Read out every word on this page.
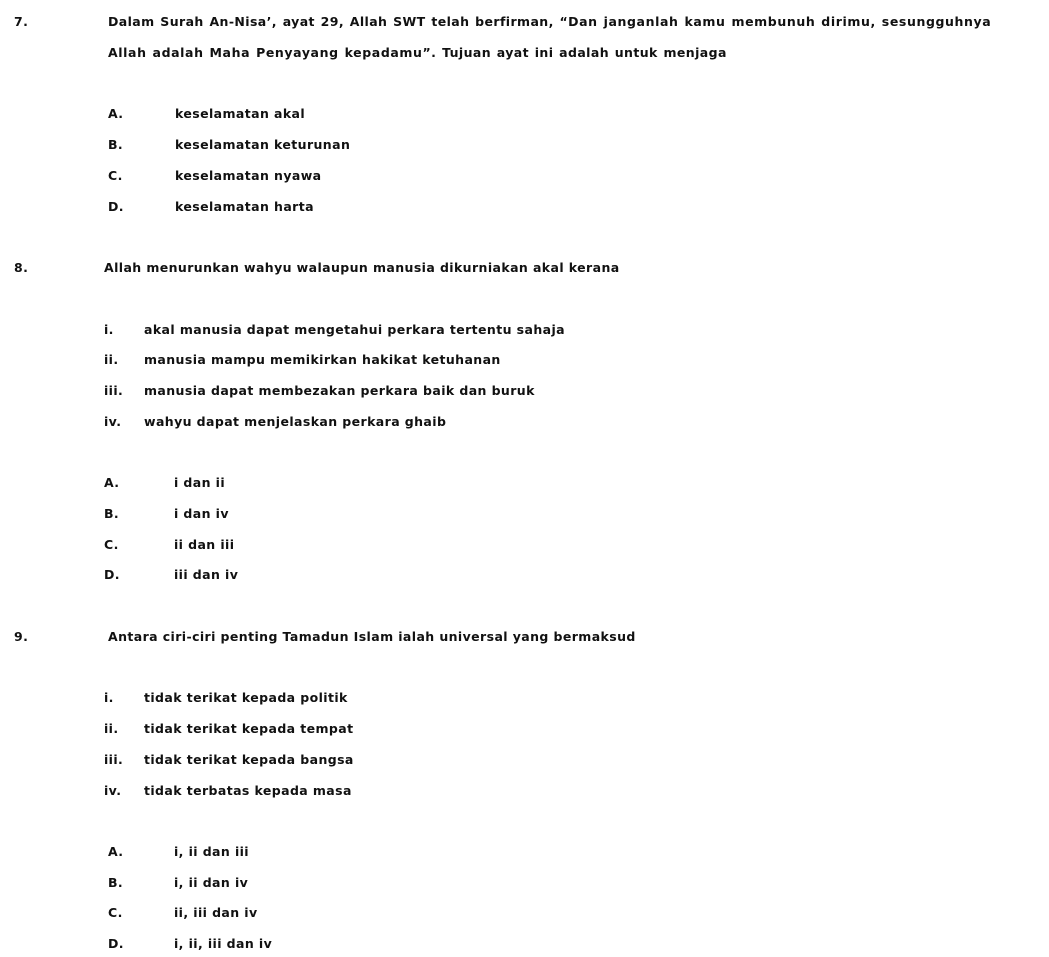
7.	Dalam Surah An-Nisa’, ayat 29, Allah SWT telah berfirman, “Dan janganlah kamu membunuh dirimu, sesungguhnya Allah adalah Maha Penyayang kepadamu”. Tujuan ayat ini adalah untuk menjaga
A.	keselamatan akal
B.	keselamatan keturunan
C.	keselamatan nyawa
D.	keselamatan harta
8.	Allah menurunkan wahyu walaupun manusia dikurniakan akal kerana
i. akal manusia dapat mengetahui perkara tertentu sahaja
ii. manusia mampu memikirkan hakikat ketuhanan
iii. manusia dapat membezakan perkara baik dan buruk
iv. wahyu dapat menjelaskan perkara ghaib
A.	i dan ii
B.	i dan iv
C.	ii dan iii
D.	iii dan iv
9.	Antara ciri-ciri penting Tamadun Islam ialah universal yang bermaksud
i. tidak terikat kepada politik
ii. tidak terikat kepada tempat
iii. tidak terikat kepada bangsa
iv. tidak terbatas kepada masa
A.	i, ii dan iii
B.	i, ii dan iv
C.	ii, iii dan iv
D.	i, ii, iii dan iv
